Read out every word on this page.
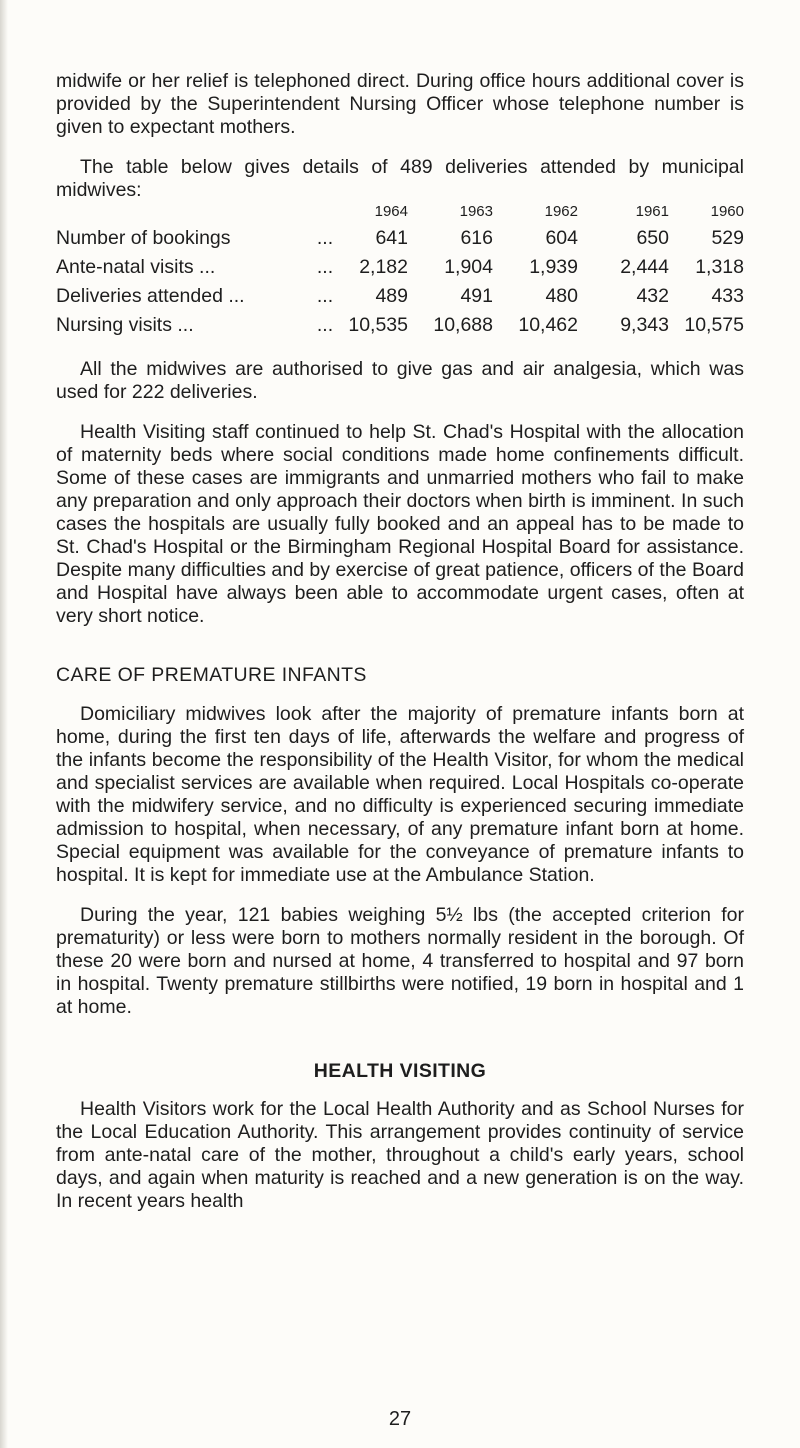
midwife or her relief is telephoned direct. During office hours additional cover is provided by the Superintendent Nursing Officer whose telephone number is given to expectant mothers.

The table below gives details of 489 deliveries attended by municipal midwives:

1964	1963	1962	1961	1960
Number of bookings	...	641	616	604	650	529
Ante-natal visits ...	...	2,182	1,904	1,939	2,444	1,318
Deliveries attended ...	...	489	491	480	432	433
Nursing visits ...	... 10,535	10,688	10,462	9,343 10,575

All the midwives are authorised to give gas and air analgesia, which was used for 222 deliveries.

Health Visiting staff continued to help St. Chad's Hospital with the allocation of maternity beds where social conditions made home confinements difficult. Some of these cases are immigrants and unmarried mothers who fail to make any preparation and only approach their doctors when birth is imminent. In such cases the hospitals are usually fully booked and an appeal has to be made to St. Chad's Hospital or the Birmingham Regional Hospital Board for assistance. Despite many difficulties and by exercise of great patience, officers of the Board and Hospital have always been able to accommodate urgent cases, often at very short notice.

CARE OF PREMATURE INFANTS

Domiciliary midwives look after the majority of premature infants born at home, during the first ten days of life, afterwards the welfare and progress of the infants become the responsibility of the Health Visitor, for whom the medical and specialist services are available when required. Local Hospitals co-operate with the midwifery service, and no difficulty is experienced securing immediate admission to hospital, when necessary, of any premature infant born at home. Special equipment was available for the conveyance of premature infants to hospital. It is kept for immediate use at the Ambulance Station.

During the year, 121 babies weighing 5½ lbs (the accepted criterion for prematurity) or less were born to mothers normally resident in the borough. Of these 20 were born and nursed at home, 4 transferred to hospital and 97 born in hospital. Twenty premature stillbirths were notified, 19 born in hospital and 1 at home.

HEALTH VISITING

Health Visitors work for the Local Health Authority and as School Nurses for the Local Education Authority. This arrangement provides continuity of service from ante-natal care of the mother, throughout a child's early years, school days, and again when maturity is reached and a new generation is on the way. In recent years health

27
